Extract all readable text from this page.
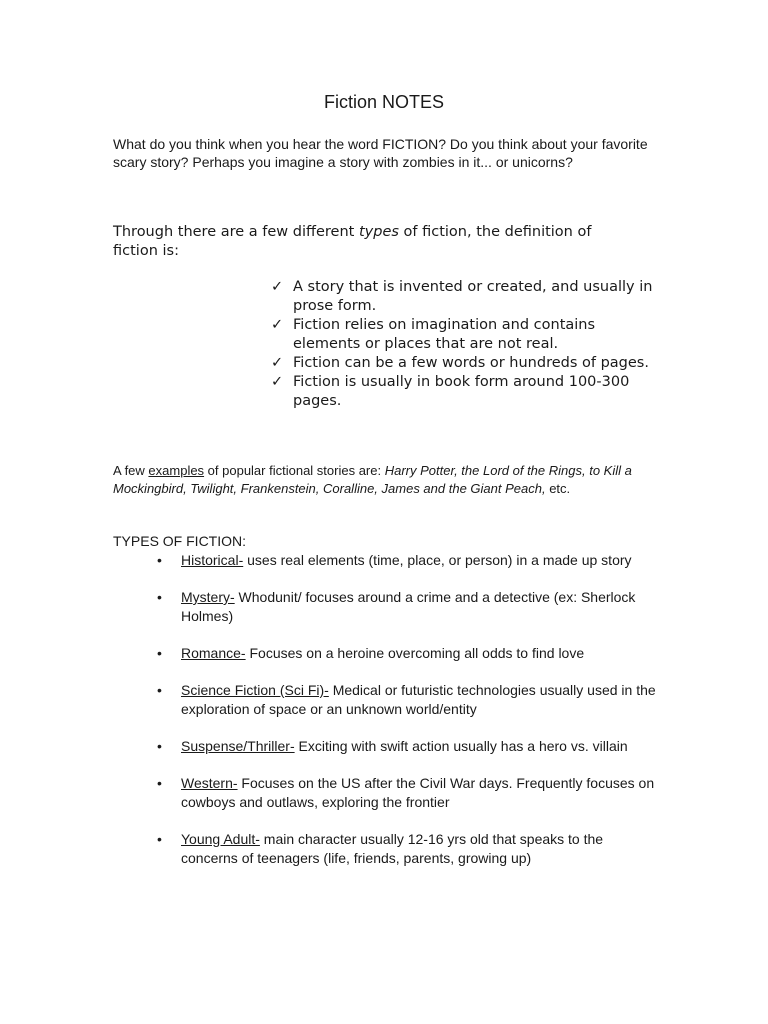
Fiction NOTES
What do you think when you hear the word FICTION? Do you think about your favorite scary story? Perhaps you imagine a story with zombies in it... or unicorns?
Through there are a few different types of fiction, the definition of fiction is:
✓ A story that is invented or created, and usually in prose form.
✓ Fiction relies on imagination and contains elements or places that are not real.
✓ Fiction can be a few words or hundreds of pages.
✓ Fiction is usually in book form around 100-300 pages.
A few examples of popular fictional stories are: Harry Potter, the Lord of the Rings, to Kill a Mockingbird, Twilight, Frankenstein, Coralline, James and the Giant Peach, etc.
TYPES OF FICTION:
• Historical- uses real elements (time, place, or person) in a made up story
• Mystery- Whodunit/ focuses around a crime and a detective (ex: Sherlock Holmes)
• Romance- Focuses on a heroine overcoming all odds to find love
• Science Fiction (Sci Fi)- Medical or futuristic technologies usually used in the exploration of space or an unknown world/entity
• Suspense/Thriller- Exciting with swift action usually has a hero vs. villain
• Western- Focuses on the US after the Civil War days. Frequently focuses on cowboys and outlaws, exploring the frontier
• Young Adult- main character usually 12-16 yrs old that speaks to the concerns of teenagers (life, friends, parents, growing up)
